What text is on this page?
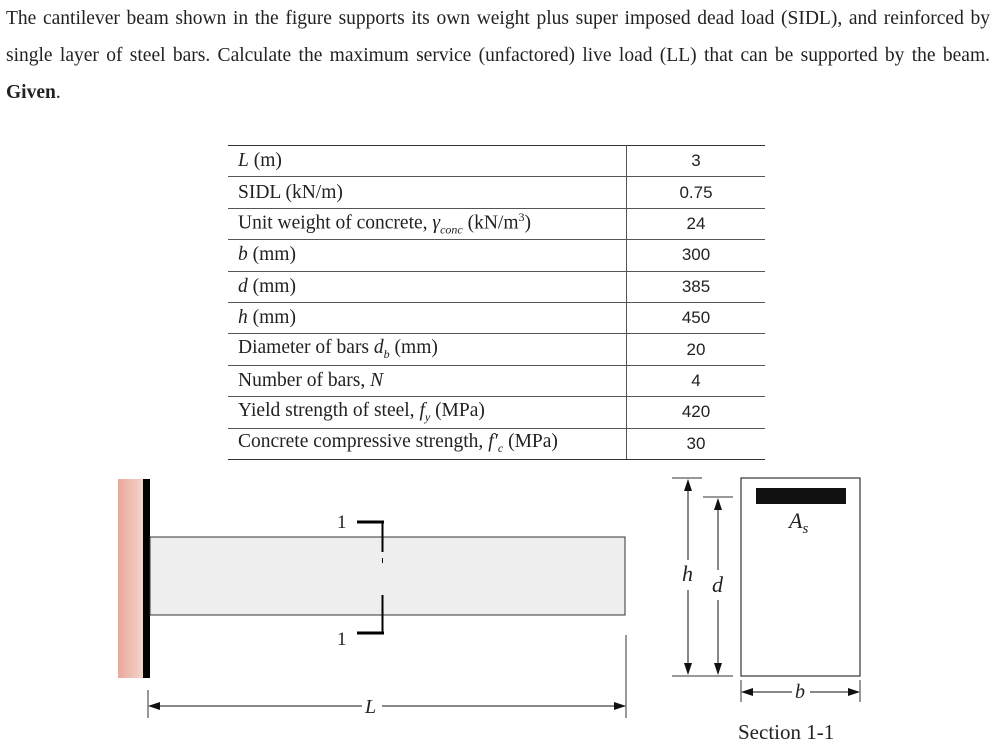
The cantilever beam shown in the figure supports its own weight plus super imposed dead load (SIDL), and reinforced by single layer of steel bars. Calculate the maximum service (unfactored) live load (LL) that can be supported by the beam. Given.
L (m)	3
SIDL (kN/m)	0.75
Unit weight of concrete, $\gamma_{conc}$ $(kN/m^3)$	24
b (mm)	300
d (mm)	385
h (mm)	450
Diameter of bars $d_b$ (mm)	20
Number of bars, N	4
Yield strength of steel, $f_y$ (MPa)	420
Concrete compressive strength, $f'_c$ (MPa)	30
1
1
L
h d
$A_s$
b
Section 1-1
